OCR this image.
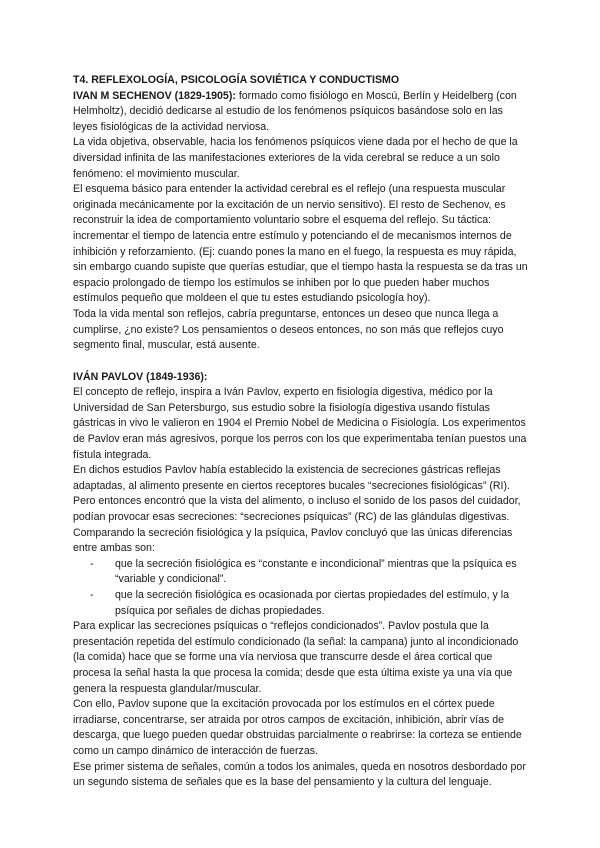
T4. REFLEXOLOGÍA, PSICOLOGÍA SOVIÉTICA Y CONDUCTISMO

IVAN M SECHENOV (1829-1905): formado como fisiólogo en Moscú, Berlín y Heidelberg (con Helmholtz), decidió dedicarse al estudio de los fenómenos psíquicos basándose solo en las leyes fisiológicas de la actividad nerviosa.

La vida objetiva, observable, hacia los fenómenos psíquicos viene dada por el hecho de que la diversidad infinita de las manifestaciones exteriores de la vida cerebral se reduce a un solo fenómeno: el movimiento muscular.

El esquema básico para entender la actividad cerebral es el reflejo (una respuesta muscular originada mecánicamente por la excitación de un nervio sensitivo). El resto de Sechenov, es reconstruir la idea de comportamiento voluntario sobre el esquema del reflejo. Su táctica: incrementar el tiempo de latencia entre estímulo y potenciando el de mecanismos internos de inhibición y reforzamiento. (Ej: cuando pones la mano en el fuego, la respuesta es muy rápida, sin embargo cuando supiste que querías estudiar, que el tiempo hasta la respuesta se da tras un espacio prolongado de tiempo los estímulos se inhiben por lo que pueden haber muchos estímulos pequeño que moldeen el que tu estes estudiando psicología hoy).

Toda la vida mental son reflejos, cabría preguntarse, entonces un deseo que nunca llega a cumplirse, ¿no existe? Los pensamientos o deseos entonces, no son más que reflejos cuyo segmento final, muscular, está ausente.

IVÁN PAVLOV (1849-1936):

El concepto de reflejo, inspira a Iván Pavlov, experto en fisiología digestiva, médico por la Universidad de San Petersburgo, sus estudio sobre la fisiología digestiva usando fístulas gástricas in vivo le valieron en 1904 el Premio Nobel de Medicina o Fisiología. Los experimentos de Pavlov eran más agresivos, porque los perros con los que experimentaba tenían puestos una fístula integrada.

En dichos estudios Pavlov había establecido la existencia de secreciones gástricas reflejas adaptadas, al alimento presente en ciertos receptores bucales “secreciones fisiológicas” (RI). Pero entonces encontró que la vista del alimento, o incluso el sonido de los pasos del cuidador, podían provocar esas secreciones: “secreciones psíquicas” (RC) de las glándulas digestivas.

Comparando la secreción fisiológica y la psíquica, Pavlov concluyó que las únicas diferencias entre ambas son:

- que la secreción fisiológica es “constante e incondicional” mientras que la psíquica es “variable y condicional”.
- que la secreción fisiológica es ocasionada por ciertas propiedades del estímulo, y la psíquica por señales de dichas propiedades.

Para explicar las secreciones psíquicas o “reflejos condicionados”. Pavlov postula que la presentación repetida del estímulo condicionado (la señal: la campana) junto al incondicionado (la comida) hace que se forme una vía nerviosa que transcurre desde el área cortical que procesa la señal hasta la que procesa la comida; desde que esta última existe ya una vía que genera la respuesta glandular/muscular.

Con ello, Pavlov supone que la excitación provocada por los estímulos en el córtex puede irradiarse, concentrarse, ser atraida por otros campos de excitación, inhibición, abrir vías de descarga, que luego pueden quedar obstruidas parcialmente o reabrirse: la corteza se entiende como un campo dinámico de interacción de fuerzas.

Ese primer sistema de señales, común a todos los animales, queda en nosotros desbordado por un segundo sistema de señales que es la base del pensamiento y la cultura del lenguaje.
